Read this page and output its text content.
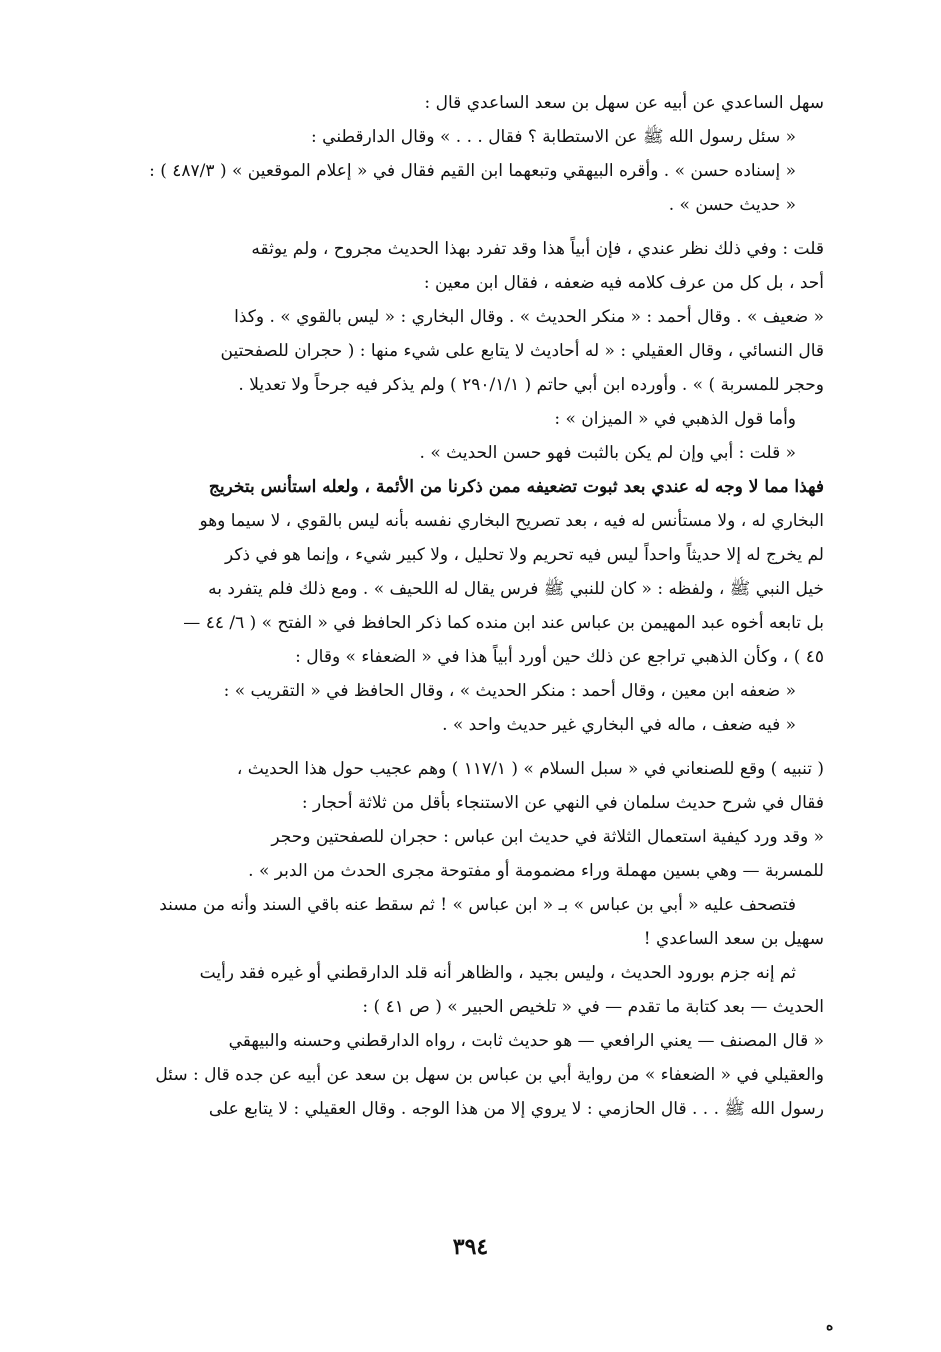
سهل الساعدي عن أبيه عن سهل بن سعد الساعدي قال :
« سئل رسول الله ﷺ عن الاستطابة ؟ فقال . . . » وقال الدارقطني :
« إسناده حسن » . وأقره البيهقي وتبعهما ابن القيم فقال في « إعلام الموقعين » ( ٤٨٧/٣ ) :
« حديث حسن » .
قلت : وفي ذلك نظر عندي ، فإن أبياً هذا وقد تفرد بهذا الحديث مجروح ، ولم يوثقه
أحد ، بل كل من عرف كلامه فيه ضعفه ، فقال ابن معين :
« ضعيف » . وقال أحمد : « منكر الحديث » . وقال البخاري : « ليس بالقوي » . وكذا
قال النسائي ، وقال العقيلي : « له أحاديث لا يتابع على شيء منها : ( حجران للصفحتين
وحجر للمسربة ) » . وأورده ابن أبي حاتم ( ٢٩٠/١/١ ) ولم يذكر فيه جرحاً ولا تعديلا .
وأما قول الذهبي في « الميزان » :
« قلت : أبي وإن لم يكن بالثبت فهو حسن الحديث » .
فهذا مما لا وجه له عندي بعد ثبوت تضعيفه ممن ذكرنا من الأئمة ، ولعله استأنس بتخريج
البخاري له ، ولا مستأنس له فيه ، بعد تصريح البخاري نفسه بأنه ليس بالقوي ، لا سيما وهو
لم يخرج له إلا حديثاً واحداً ليس فيه تحريم ولا تحليل ، ولا كبير شيء ، وإنما هو في ذكر
خيل النبي ﷺ ، ولفظه : « كان للنبي ﷺ فرس يقال له اللحيف » . ومع ذلك فلم يتفرد به
بل تابعه أخوه عبد المهيمن بن عباس عند ابن منده كما ذكر الحافظ في « الفتح » ( ٦/ ٤٤ —
٤٥ ) ، وكأن الذهبي تراجع عن ذلك حين أورد أبياً هذا في « الضعفاء » وقال :
« ضعفه ابن معين ، وقال أحمد : منكر الحديث » ، وقال الحافظ في « التقريب » :
« فيه ضعف ، ماله في البخاري غير حديث واحد » .
( تنبيه ) وقع للصنعاني في « سبل السلام » ( ١١٧/١ ) وهم عجيب حول هذا الحديث ،
فقال في شرح حديث سلمان في النهي عن الاستنجاء بأقل من ثلاثة أحجار :
« وقد ورد كيفية استعمال الثلاثة في حديث ابن عباس : حجران للصفحتين وحجر
للمسربة — وهي بسين مهملة وراء مضمومة أو مفتوحة مجرى الحدث من الدبر » .
فتصحف عليه « أبي بن عباس » بـ « ابن عباس » ! ثم سقط عنه باقي السند وأنه من مسند
سهيل بن سعد الساعدي !
ثم إنه جزم بورود الحديث ، وليس بجيد ، والظاهر أنه قلد الدارقطني أو غيره فقد رأيت
الحديث — بعد كتابة ما تقدم — في « تلخيص الحبير » ( ص ٤١ ) :
« قال المصنف — يعني الرافعي — هو حديث ثابت ، رواه الدارقطني وحسنه والبيهقي
والعقيلي في « الضعفاء » من رواية أبي بن عباس بن سهل بن سعد عن أبيه عن جده قال : سئل
رسول الله ﷺ . . . قال الحازمي : لا يروي إلا من هذا الوجه . وقال العقيلي : لا يتابع على
٣٩٤
ه
